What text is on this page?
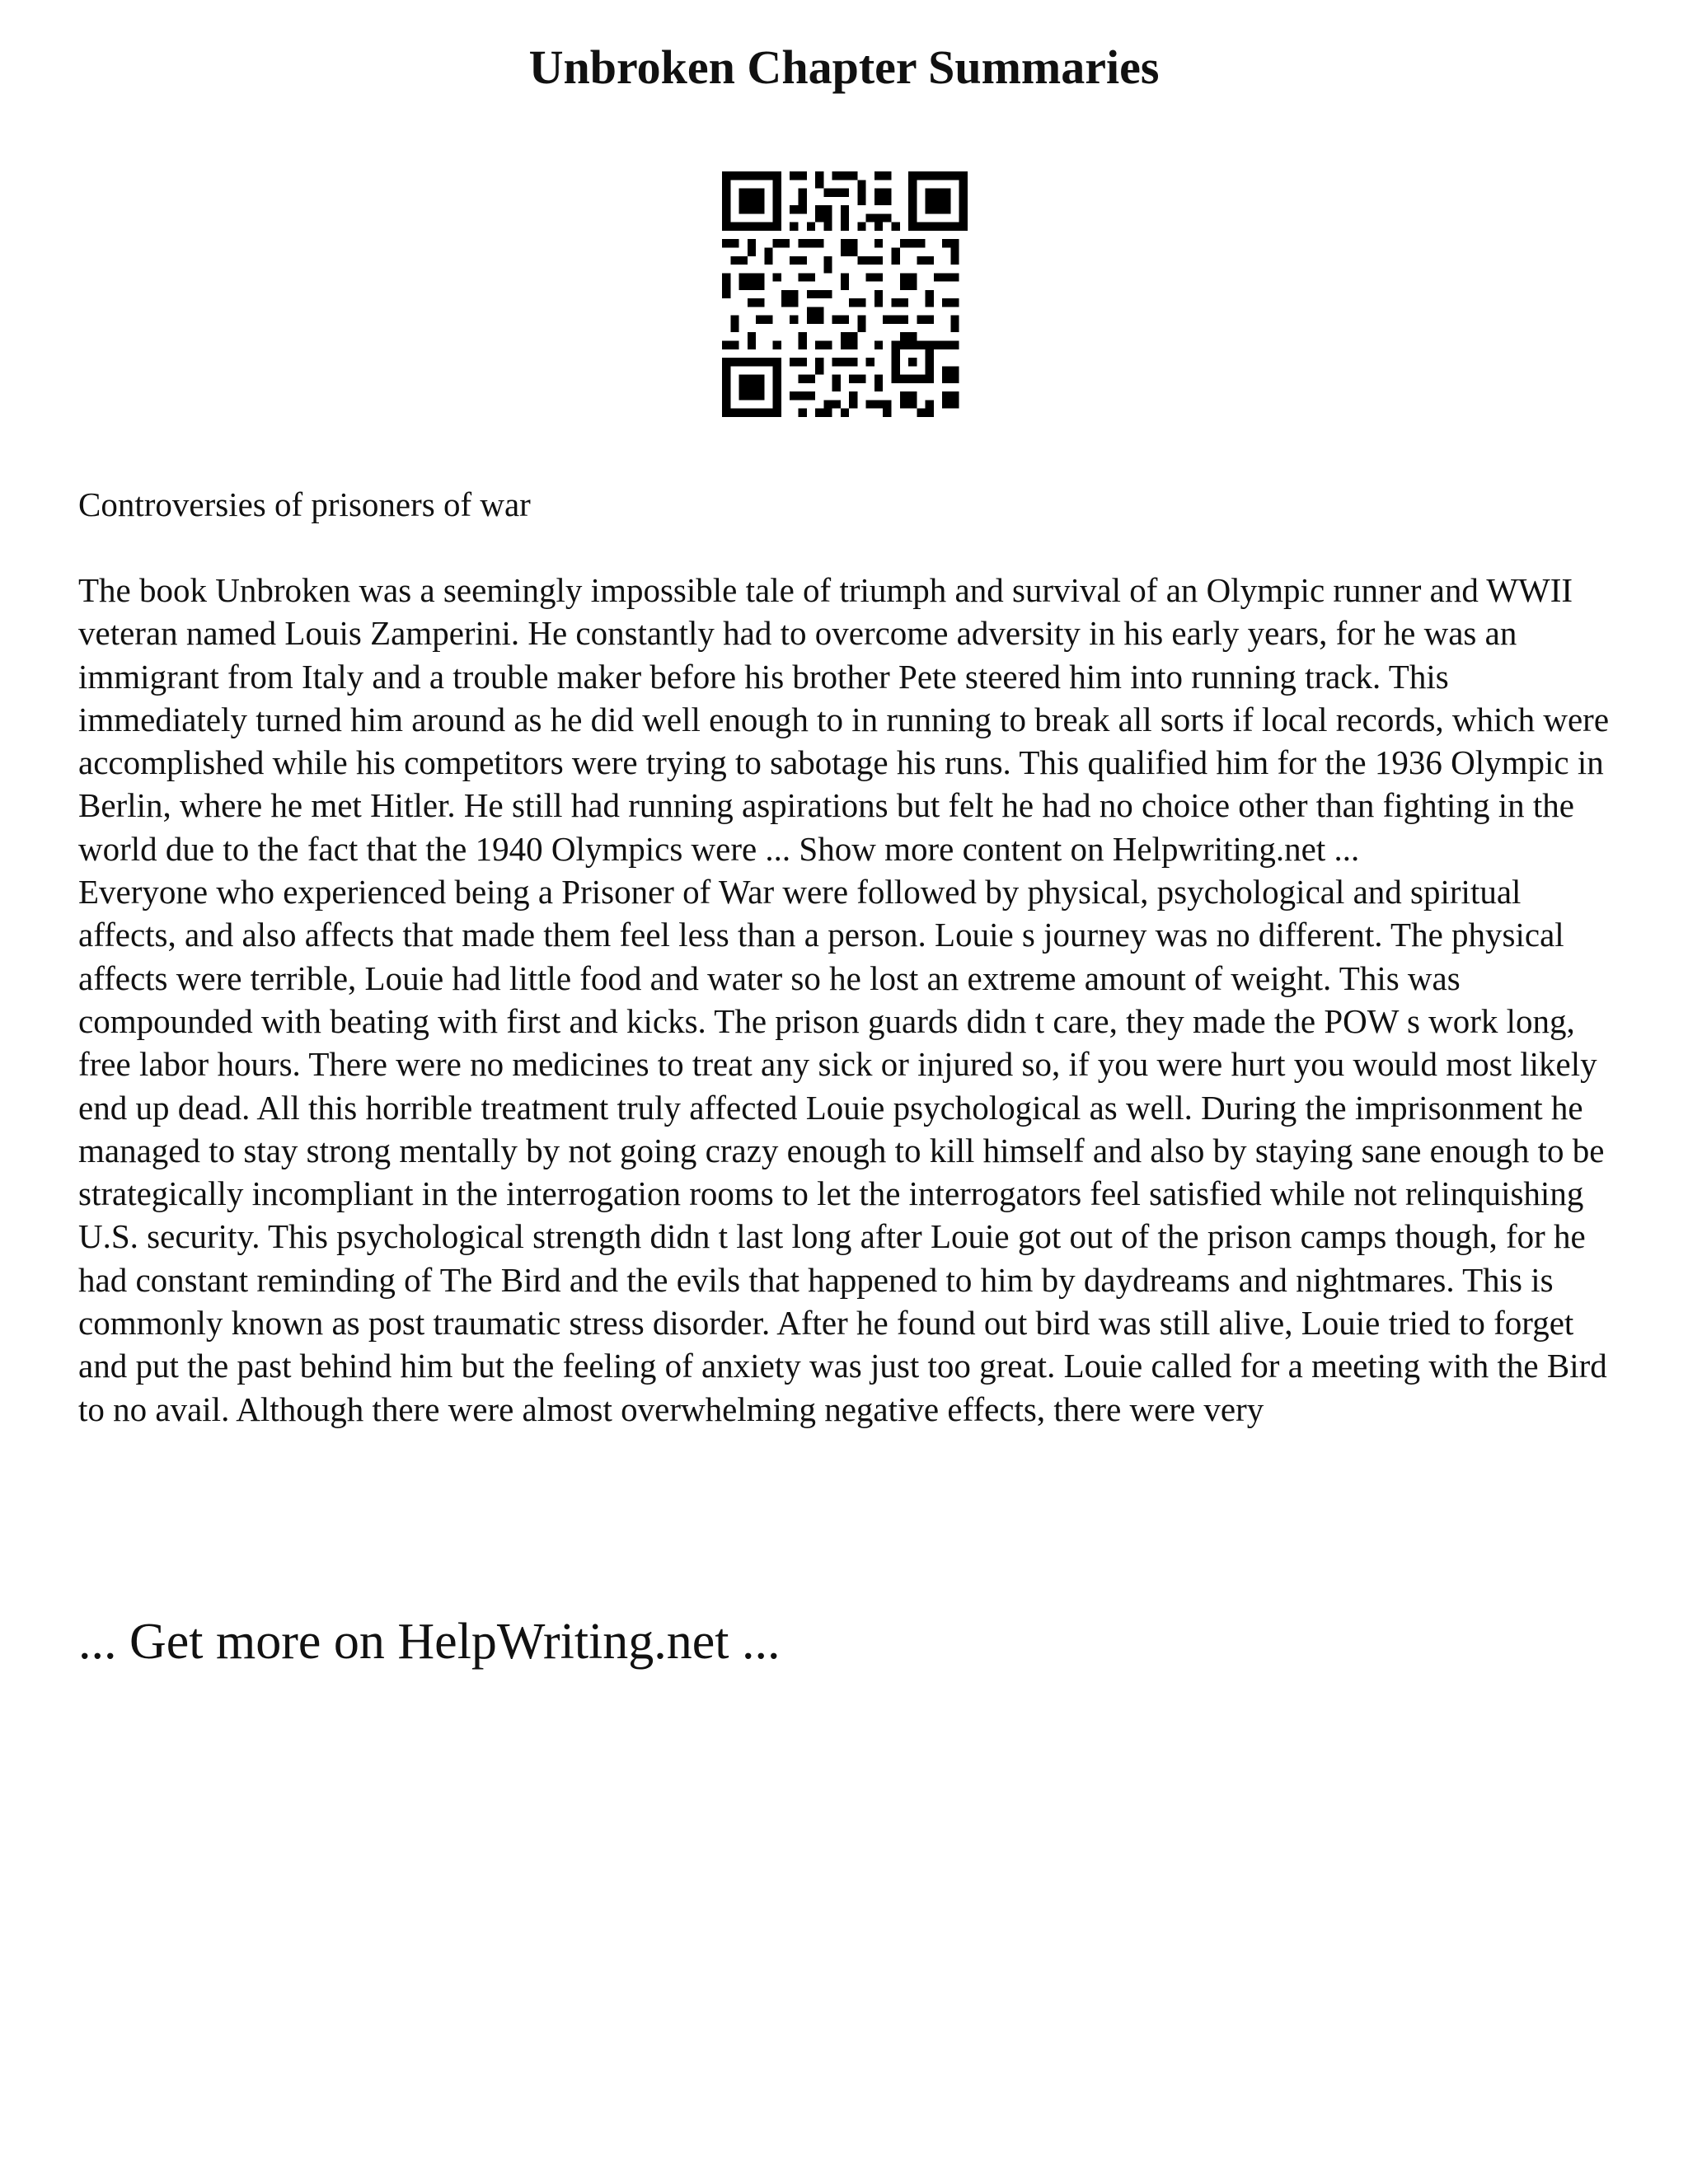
Unbroken Chapter Summaries

Controversies of prisoners of war

The book Unbroken was a seemingly impossible tale of triumph and survival of an Olympic runner and WWII veteran named Louis Zamperini. He constantly had to overcome adversity in his early years, for he was an immigrant from Italy and a trouble maker before his brother Pete steered him into running track. This immediately turned him around as he did well enough to in running to break all sorts if local records, which were accomplished while his competitors were trying to sabotage his runs. This qualified him for the 1936 Olympic in Berlin, where he met Hitler. He still had running aspirations but felt he had no choice other than fighting in the world due to the fact that the 1940 Olympics were ... Show more content on Helpwriting.net ...

Everyone who experienced being a Prisoner of War were followed by physical, psychological and spiritual affects, and also affects that made them feel less than a person. Louie s journey was no different. The physical affects were terrible, Louie had little food and water so he lost an extreme amount of weight. This was compounded with beating with first and kicks. The prison guards didn t care, they made the POW s work long, free labor hours. There were no medicines to treat any sick or injured so, if you were hurt you would most likely end up dead. All this horrible treatment truly affected Louie psychological as well. During the imprisonment he managed to stay strong mentally by not going crazy enough to kill himself and also by staying sane enough to be strategically incompliant in the interrogation rooms to let the interrogators feel satisfied while not relinquishing U.S. security. This psychological strength didn t last long after Louie got out of the prison camps though, for he had constant reminding of The Bird and the evils that happened to him by daydreams and nightmares. This is commonly known as post traumatic stress disorder. After he found out bird was still alive, Louie tried to forget and put the past behind him but the feeling of anxiety was just too great. Louie called for a meeting with the Bird to no avail. Although there were almost overwhelming negative effects, there were very

... Get more on HelpWriting.net ...
